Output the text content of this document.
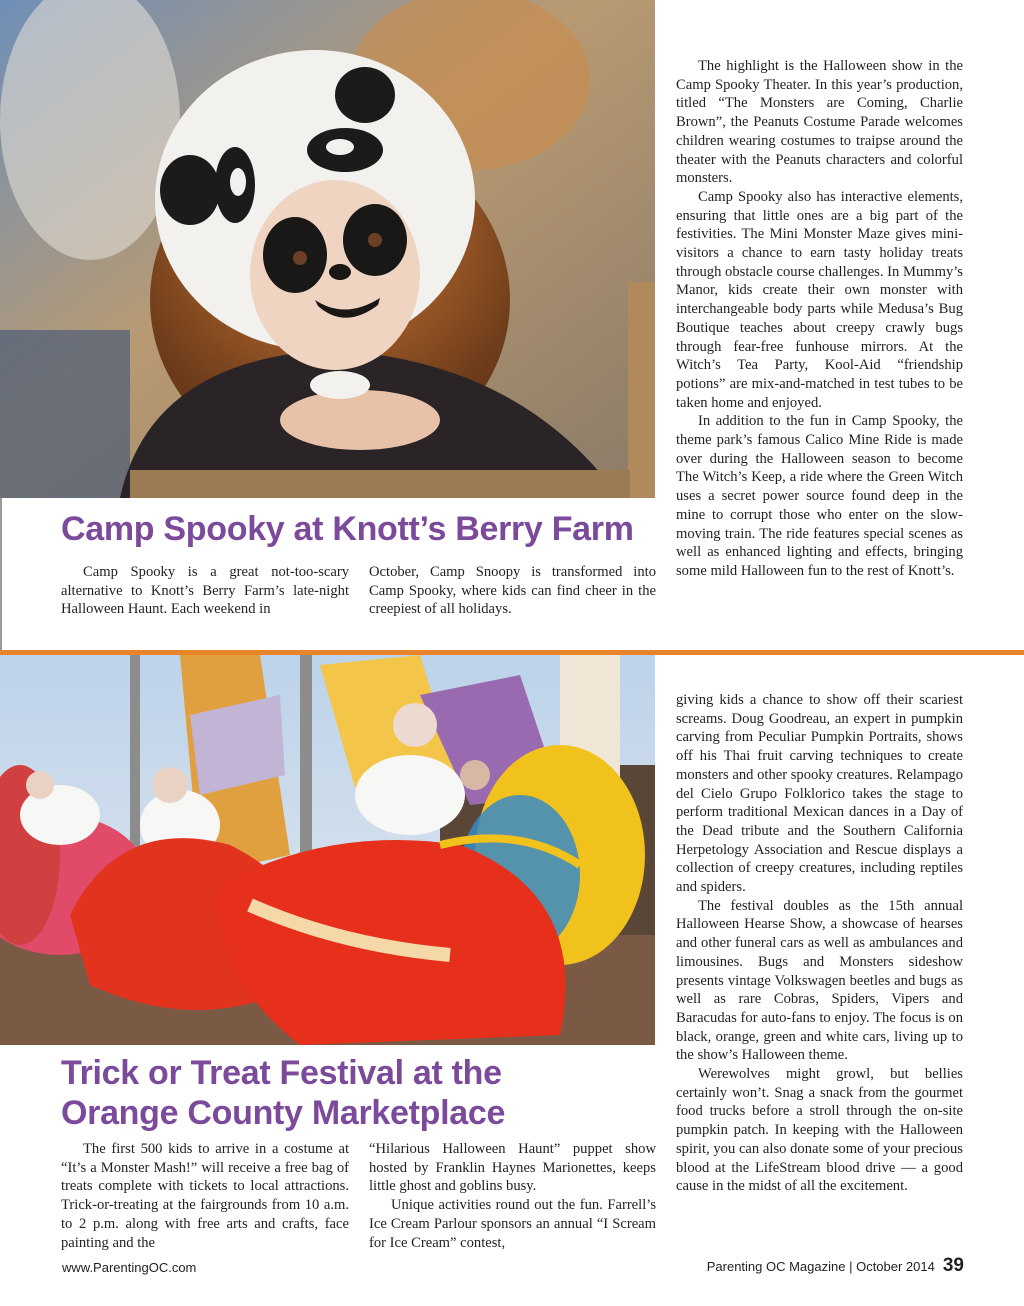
Camp Spooky at Knott’s Berry Farm

Camp Spooky is a great not-too-scary alternative to Knott’s Berry Farm’s late-night Halloween Haunt. Each weekend in

October, Camp Snoopy is transformed into Camp Spooky, where kids can find cheer in the creepiest of all holidays.

The highlight is the Halloween show in the Camp Spooky Theater. In this year’s production, titled “The Monsters are Coming, Charlie Brown”, the Peanuts Costume Parade welcomes children wearing costumes to traipse around the theater with the Peanuts characters and colorful monsters.

Camp Spooky also has interactive elements, ensuring that little ones are a big part of the festivities. The Mini Monster Maze gives mini-visitors a chance to earn tasty holiday treats through obstacle course challenges. In Mummy’s Manor, kids create their own monster with interchangeable body parts while Medusa’s Bug Boutique teaches about creepy crawly bugs through fear-free funhouse mirrors. At the Witch’s Tea Party, Kool-Aid “friendship potions” are mix-and-matched in test tubes to be taken home and enjoyed.

In addition to the fun in Camp Spooky, the theme park’s famous Calico Mine Ride is made over during the Halloween season to become The Witch’s Keep, a ride where the Green Witch uses a secret power source found deep in the mine to corrupt those who enter on the slow-moving train. The ride features special scenes as well as enhanced lighting and effects, bringing some mild Halloween fun to the rest of Knott’s.

Trick or Treat Festival at the
Orange County Marketplace

The first 500 kids to arrive in a costume at “It’s a Monster Mash!” will receive a free bag of treats complete with tickets to local attractions. Trick-or-treating at the fairgrounds from 10 a.m. to 2 p.m. along with free arts and crafts, face painting and the

“Hilarious Halloween Haunt” puppet show hosted by Franklin Haynes Marionettes, keeps little ghost and goblins busy.

Unique activities round out the fun. Farrell’s Ice Cream Parlour sponsors an annual “I Scream for Ice Cream” contest,

giving kids a chance to show off their scariest screams. Doug Goodreau, an expert in pumpkin carving from Peculiar Pumpkin Portraits, shows off his Thai fruit carving techniques to create monsters and other spooky creatures. Relampago del Cielo Grupo Folklorico takes the stage to perform traditional Mexican dances in a Day of the Dead tribute and the Southern California Herpetology Association and Rescue displays a collection of creepy creatures, including reptiles and spiders.

The festival doubles as the 15th annual Halloween Hearse Show, a showcase of hearses and other funeral cars as well as ambulances and limousines. Bugs and Monsters sideshow presents vintage Volkswagen beetles and bugs as well as rare Cobras, Spiders, Vipers and Baracudas for auto-fans to enjoy. The focus is on black, orange, green and white cars, living up to the show’s Halloween theme.

Werewolves might growl, but bellies certainly won’t. Snag a snack from the gourmet food trucks before a stroll through the on-site pumpkin patch. In keeping with the Halloween spirit, you can also donate some of your precious blood at the LifeStream blood drive — a good cause in the midst of all the excitement.

www.ParentingOC.com	Parenting OC Magazine | October 2014 39
